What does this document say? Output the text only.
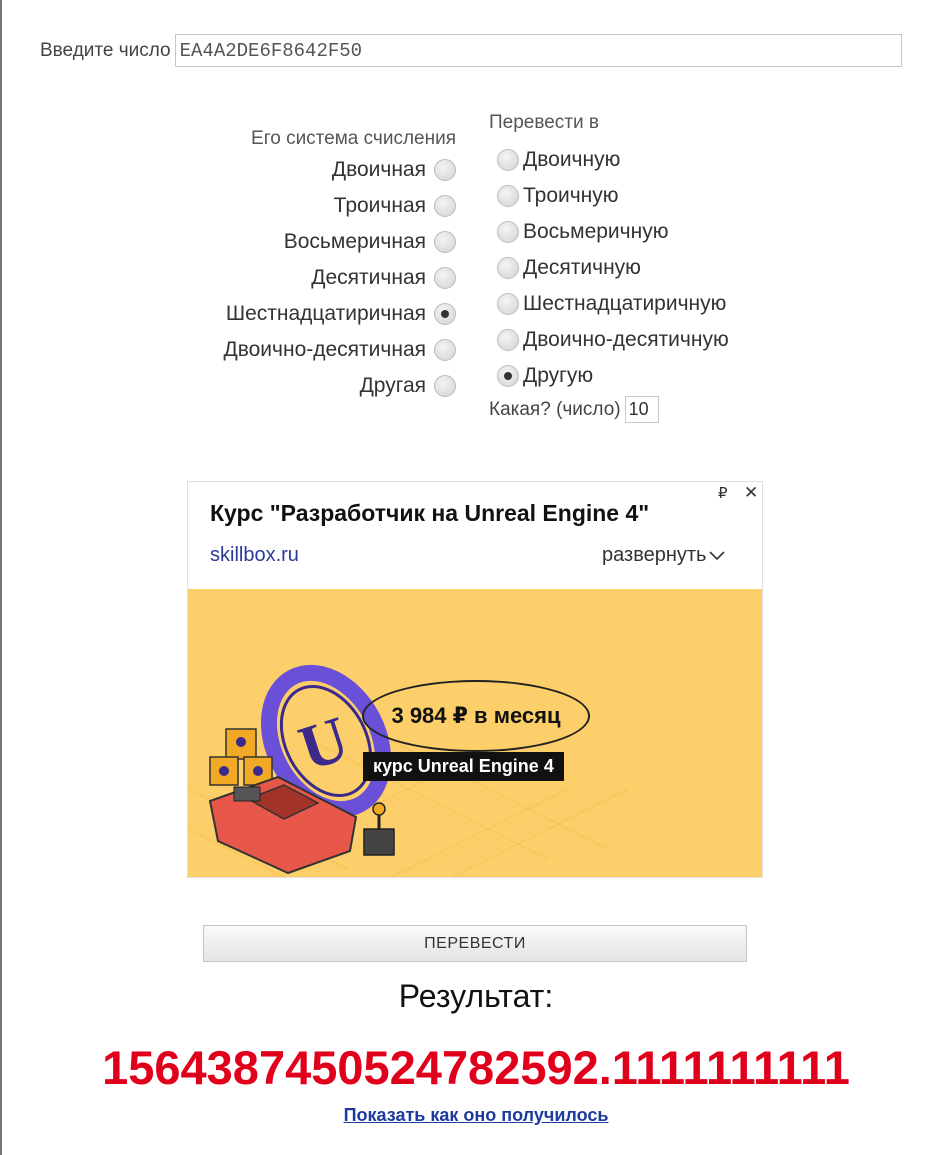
Введите число
EA4A2DE6F8642F50
Его система счисления
Двоичная
Троичная
Восьмеричная
Десятичная
Шестнадцатиричная
Двоично-десятичная
Другая
Перевести в
Двоичную
Троичную
Восьмеричную
Десятичную
Шестнадцатиричную
Двоично-десятичную
Другую
Какая? (число)
10
Курс "Разработчик на Unreal Engine 4"
₽ ✕
skillbox.ru	развернуть
U	3 984 ₽ в месяц
курс Unreal Engine 4
ПЕРЕВЕСТИ
Результат:
15643874505247825​92.1111111111
Показать как оно получилось
